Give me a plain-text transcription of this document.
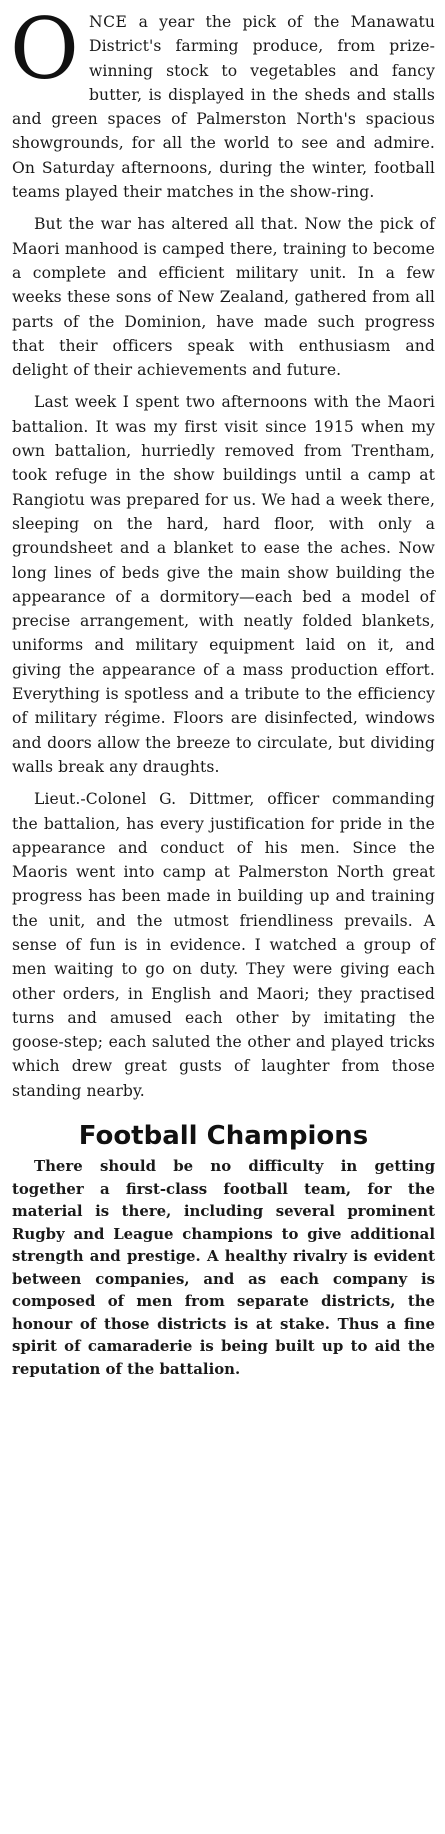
ONCE a year the pick of the Manawatu District's farming produce, from prize-winning stock to vegetables and fancy butter, is displayed in the sheds and stalls and green spaces of Palmerston North's spacious showgrounds, for all the world to see and admire. On Saturday afternoons, during the winter, football teams played their matches in the show-ring.

But the war has altered all that. Now the pick of Maori manhood is camped there, training to become a complete and efficient military unit. In a few weeks these sons of New Zealand, gathered from all parts of the Dominion, have made such progress that their officers speak with enthusiasm and delight of their achievements and future.

Last week I spent two afternoons with the Maori battalion. It was my first visit since 1915 when my own battalion, hurriedly removed from Trentham, took refuge in the show buildings until a camp at Rangiotu was prepared for us. We had a week there, sleeping on the hard, hard floor, with only a groundsheet and a blanket to ease the aches. Now long lines of beds give the main show building the appearance of a dormitory—each bed a model of precise arrangement, with neatly folded blankets, uniforms and military equipment laid on it, and giving the appearance of a mass production effort. Everything is spotless and a tribute to the efficiency of military régime. Floors are disinfected, windows and doors allow the breeze to circulate, but dividing walls break any draughts.

Lieut.-Colonel G. Dittmer, officer commanding the battalion, has every justification for pride in the appearance and conduct of his men. Since the Maoris went into camp at Palmerston North great progress has been made in building up and training the unit, and the utmost friendliness prevails. A sense of fun is in evidence. I watched a group of men waiting to go on duty. They were giving each other orders, in English and Maori; they practised turns and amused each other by imitating the goose-step; each saluted the other and played tricks which drew great gusts of laughter from those standing nearby.

Football Champions

There should be no difficulty in getting together a first-class football team, for the material is there, including several prominent Rugby and League champions to give additional strength and prestige. A healthy rivalry is evident between companies, and as each company is composed of men from separate districts, the honour of those districts is at stake. Thus a fine spirit of camaraderie is being built up to aid the reputation of the battalion.
